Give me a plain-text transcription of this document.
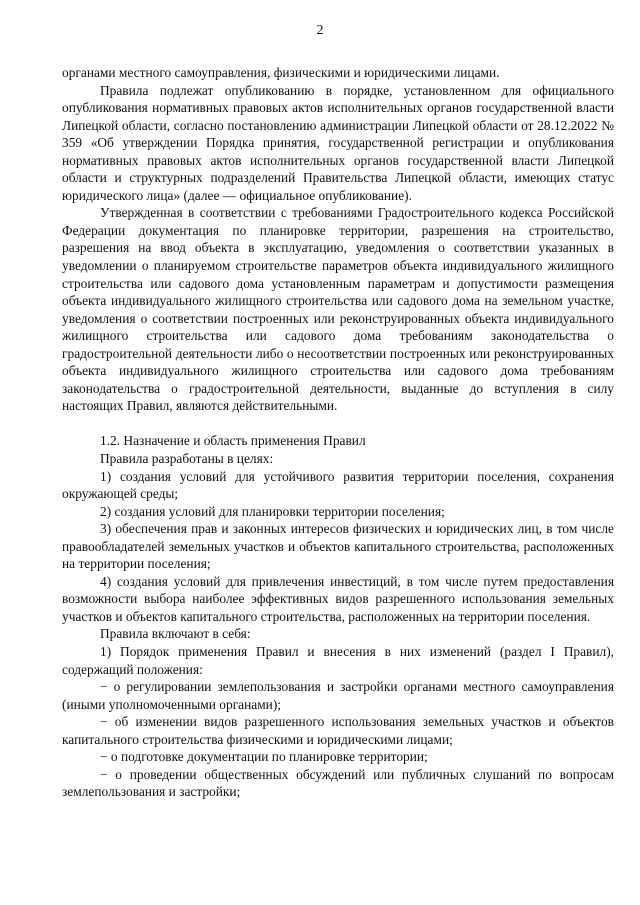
2

органами местного самоуправления, физическими и юридическими лицами.

Правила подлежат опубликованию в порядке, установленном для официального опубликования нормативных правовых актов исполнительных органов государственной власти Липецкой области, согласно постановлению администрации Липецкой области от 28.12.2022 № 359 «Об утверждении Порядка принятия, государственной регистрации и опубликования нормативных правовых актов исполнительных органов государственной власти Липецкой области и структурных подразделений Правительства Липецкой области, имеющих статус юридического лица» (далее — официальное опубликование).

Утвержденная в соответствии с требованиями Градостроительного кодекса Российской Федерации документация по планировке территории, разрешения на строительство, разрешения на ввод объекта в эксплуатацию, уведомления о соответствии указанных в уведомлении о планируемом строительстве параметров объекта индивидуального жилищного строительства или садового дома установленным параметрам и допустимости размещения объекта индивидуального жилищного строительства или садового дома на земельном участке, уведомления о соответствии построенных или реконструированных объекта индивидуального жилищного строительства или садового дома требованиям законодательства о градостроительной деятельности либо о несоответствии построенных или реконструированных объекта индивидуального жилищного строительства или садового дома требованиям законодательства о градостроительной деятельности, выданные до вступления в силу настоящих Правил, являются действительными.

1.2. Назначение и область применения Правил

Правила разработаны в целях:

1) создания условий для устойчивого развития территории поселения, сохранения окружающей среды;

2) создания условий для планировки территории поселения;

3) обеспечения прав и законных интересов физических и юридических лиц, в том числе правообладателей земельных участков и объектов капитального строительства, расположенных на территории поселения;

4) создания условий для привлечения инвестиций, в том числе путем предоставления возможности выбора наиболее эффективных видов разрешенного использования земельных участков и объектов капитального строительства, расположенных на территории поселения.

Правила включают в себя:

1) Порядок применения Правил и внесения в них изменений (раздел I Правил), содержащий положения:

− о регулировании землепользования и застройки органами местного самоуправления (иными уполномоченными органами);

− об изменении видов разрешенного использования земельных участков и объектов капитального строительства физическими и юридическими лицами;

− о подготовке документации по планировке территории;

− о проведении общественных обсуждений или публичных слушаний по вопросам землепользования и застройки;
